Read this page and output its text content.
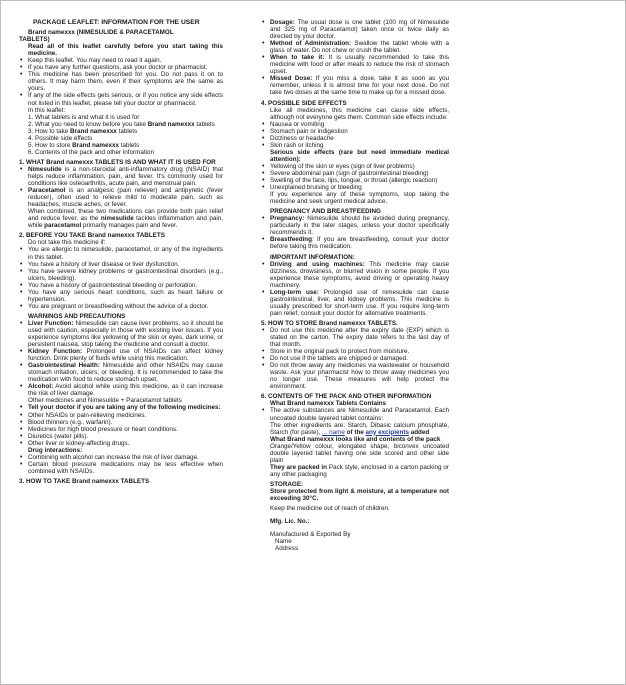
PACKAGE LEAFLET: INFORMATION FOR THE USER

Brand namexxx (NIMESULIDE & PARACETAMOL

TABLETS)

Read all of this leaflet carefully before you start taking this medicine.

• Keep this leaflet. You may need to read it again.

• If you have any further questions, ask your doctor or pharmacist.

• This medicine has been prescribed for you. Do not pass it on to others. It may harm them, even if their symptoms are the same as yours.

• If any of the side effects gets serious, or if you notice any side effects not listed in this leaflet, please tell your doctor or pharmacist.

In this leaflet:

1. What tablets is and what it is used for

2. What you need to know before you take Brand namexxx tablets

3. How to take Brand namexxx tablets

4. Possible side effects

5. How to store Brand namexxx tablets

6. Contents of the pack and other information

1. WHAT Brand namexxx TABLETS IS AND WHAT IT IS USED FOR

• Nimesulide is a non-steroidal anti-inflammatory drug (NSAID) that helps reduce inflammation, pain, and fever. It's commonly used for conditions like osteoarthritis, acute pain, and menstrual pain.

• Paracetamol is an analgesic (pain reliever) and antipyretic (fever reducer), often used to relieve mild to moderate pain, such as headaches, muscle aches, or fever.

When combined, these two medications can provide both pain relief and reduce fever, as the nimesulide tackles inflammation and pain, while paracetamol primarily manages pain and fever.

2. BEFORE YOU TAKE Brand namexxx TABLETS

Do not take this medicine if:

• You are allergic to nimesulide, paracetamol, or any of the ingredients in this tablet.

• You have a history of liver disease or liver dysfunction.

• You have severe kidney problems or gastrointestinal disorders (e.g., ulcers, bleeding).

• You have a history of gastrointestinal bleeding or perforation.

• You have any serious heart conditions, such as heart failure or hypertension.

• You are pregnant or breastfeeding without the advice of a doctor.

WARNINGS AND PRECAUTIONS

• Liver Function: Nimesulide can cause liver problems, so it should be used with caution, especially in those with existing liver issues. If you experience symptoms like yellowing of the skin or eyes, dark urine, or persistent nausea, stop taking the medicine and consult a doctor.

• Kidney Function: Prolonged use of NSAIDs can affect kidney function. Drink plenty of fluids while using this medication.

• Gastrointestinal Health: Nimesulide and other NSAIDs may cause stomach irritation, ulcers, or bleeding. It is recommended to take the medication with food to reduce stomach upset.

• Alcohol: Avoid alcohol while using this medicine, as it can increase the risk of liver damage.

Other medicines and Nimesulide + Paracetamol tablets

• Tell your doctor if you are taking any of the following medicines:

• Other NSAIDs or pain-relieving medicines.

• Blood thinners (e.g., warfarin).

• Medicines for high blood pressure or heart conditions.

• Diuretics (water pills).

• Other liver or kidney-affecting drugs.

Drug interactions:

• Combining with alcohol can increase the risk of liver damage.

• Certain blood pressure medications may be less effective when combined with NSAIDs.

3. HOW TO TAKE Brand namexxx TABLETS

• Dosage: The usual dose is one tablet (100 mg of Nimesulide and 325 mg of Paracetamol) taken once or twice daily as directed by your doctor.

• Method of Administration: Swallow the tablet whole with a glass of water. Do not chew or crush the tablet.

• When to take it: It is usually recommended to take this medicine with food or after meals to reduce the risk of stomach upset.

• Missed Dose: If you miss a dose, take it as soon as you remember, unless it is almost time for your next dose. Do not take two doses at the same time to make up for a missed dose.

4. POSSIBLE SIDE EFFECTS

Like all medicines, this medicine can cause side effects, although not everyone gets them. Common side effects include:

• Nausea or vomiting

• Stomach pain or indigestion

• Dizziness or headache

• Skin rash or itching

Serious side effects (rare but need immediate medical attention):

• Yellowing of the skin or eyes (sign of liver problems)

• Severe abdominal pain (sign of gastrointestinal bleeding)

• Swelling of the face, lips, tongue, or throat (allergic reaction)

• Unexplained bruising or bleeding

If you experience any of these symptoms, stop taking the medicine and seek urgent medical advice.

PREGNANCY AND BREASTFEEDING

• Pregnancy: Nimesulide should be avoided during pregnancy, particularly in the later stages, unless your doctor specifically recommends it.

• Breastfeeding: If you are breastfeeding, consult your doctor before taking this medication.

IMPORTANT INFORMATION:

• Driving and using machines: This medicine may cause dizziness, drowsiness, or blurred vision in some people. If you experience these symptoms, avoid driving or operating heavy machinery.

• Long-term use: Prolonged use of nimesulide can cause gastrointestinal, liver, and kidney problems. This medicine is usually prescribed for short-term use. If you require long-term pain relief, consult your doctor for alternative treatments.

5. HOW TO STORE Brand namexxx TABLETS.

• Do not use this medicine after the expiry date (EXP) which is stated on the carton. The expiry date refers to the last day of that month.

• Store in the original pack to protect from moisture.

• Do not use if the tablets are chipped or damaged.

• Do not throw away any medicines via wastewater or household waste. Ask your pharmacist how to throw away medicines you no longer use. These measures will help protect the environment.

6. CONTENTS OF THE PACK AND OTHER INFORMATION

What Brand namexxx Tablets Contains

• The active substances are Nimesulide and Paracetamol. Each uncoated double layered tablet contains:

The other ingredients are: Starch, Dibasic calcium phosphate, Starch (for paste), ... name of the any excipients added

What Brand namexxx looks like and contents of the pack

Orange/Yellow colour, elongated shape, biconvex uncoated double layered tablet having one side scored and other side plain

They are packed in Pack style, enclosed in a carton packing or any other packaging

STORAGE:

Store protected from light & moisture, at a temperature not exceeding 30°C.

Keep the medicine out of reach of children.

Mfg. Lic. No.:

Manufactured & Exported By

Name

Address
